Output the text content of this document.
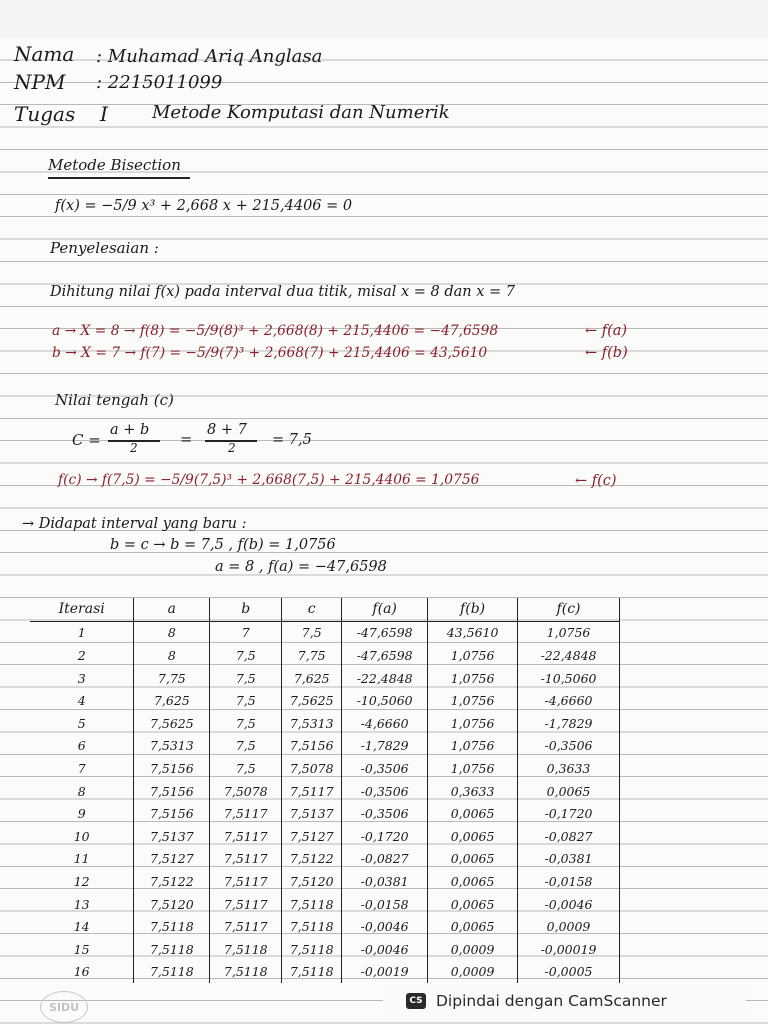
Nama : Muhamad Ariq Anglasa
NPM : 2215011099
Tugas I Metode Komputasi dan Numerik
Metode Bisection
f(x) = −5/9 x³ + 2,668 x + 215,4406 = 0
Penyelesaian :
Dihitung nilai f(x) pada interval dua titik, misal x = 8 dan x = 7
a → X = 8 → f(8) = −5/9(8)³ + 2,668(8) + 215,4406 = −47,6598	← f(a)
b → X = 7 → f(7) = −5/9(7)³ + 2,668(7) + 215,4406 = 43,5610	← f(b)
Nilai tengah (c)
C =
a + b
2	=
8 + 7
2	= 7,5
f(c) → f(7,5) = −5/9(7,5)³ + 2,668(7,5) + 215,4406 = 1,0756	← f(c)
→ Didapat interval yang baru :
b = c → b = 7,5 , f(b) = 1,0756
a = 8 , f(a) = −47,6598
Iterasi	a	b	c	f(a)	f(b)	f(c)
1	8	7	7,5	-47,6598	43,5610	1,0756
2	8	7,5	7,75	-47,6598	1,0756	-22,4848
3	7,75	7,5	7,625	-22,4848	1,0756	-10,5060
4	7,625	7,5	7,5625	-10,5060	1,0756	-4,6660
5	7,5625	7,5	7,5313	-4,6660	1,0756	-1,7829
6	7,5313	7,5	7,5156	-1,7829	1,0756	-0,3506
7	7,5156	7,5	7,5078	-0,3506	1,0756	0,3633
8	7,5156	7,5078	7,5117	-0,3506	0,3633	0,0065
9	7,5156	7,5117	7,5137	-0,3506	0,0065	-0,1720
10	7,5137	7,5117	7,5127	-0,1720	0,0065	-0,0827
11	7,5127	7,5117	7,5122	-0,0827	0,0065	-0,0381
12	7,5122	7,5117	7,5120	-0,0381	0,0065	-0,0158
13	7,5120	7,5117	7,5118	-0,0158	0,0065	-0,0046
14	7,5118	7,5117	7,5118	-0,0046	0,0065	0,0009
15	7,5118	7,5118	7,5118	-0,0046	0,0009	-0,00019
16	7,5118	7,5118	7,5118	-0,0019	0,0009	-0,0005
SIDU	CS Dipindai dengan CamScanner
